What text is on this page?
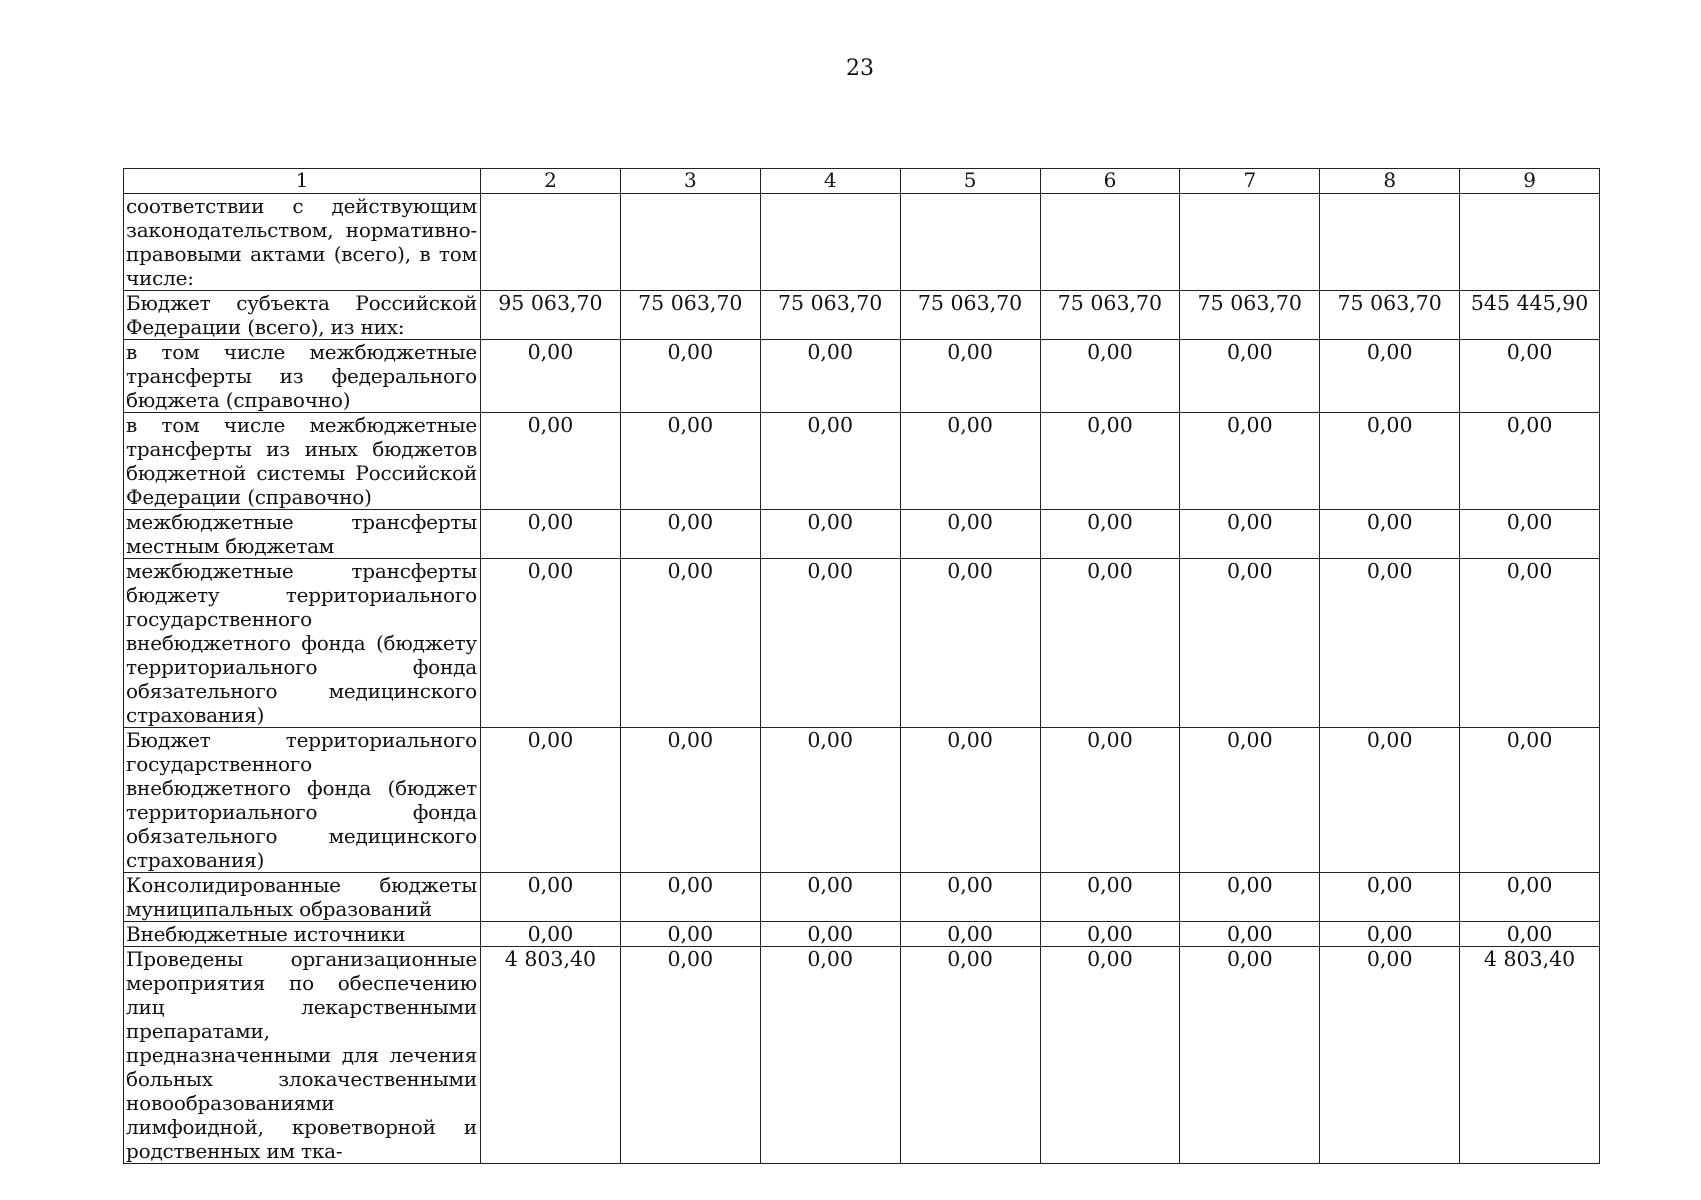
23
1	2	3	4	5	6	7	8	9
соответствии с действующим законодательством, нормативно-правовыми актами (всего), в том числе:								
Бюджет субъекта Российской Федерации (всего), из них:	95 063,70	75 063,70	75 063,70	75 063,70	75 063,70	75 063,70	75 063,70	545 445,90
в том числе межбюджетные трансферты из федерального бюджета (справочно)	0,00	0,00	0,00	0,00	0,00	0,00	0,00	0,00
в том числе межбюджетные трансферты из иных бюджетов бюджетной системы Российской Федерации (справочно)	0,00	0,00	0,00	0,00	0,00	0,00	0,00	0,00
межбюджетные трансферты местным бюджетам	0,00	0,00	0,00	0,00	0,00	0,00	0,00	0,00
межбюджетные трансферты бюджету территориального государственного внебюджетного фонда (бюджету территориального фонда обязательного медицинского страхования)	0,00	0,00	0,00	0,00	0,00	0,00	0,00	0,00
Бюджет территориального государственного внебюджетного фонда (бюджет территориального фонда обязательного медицинского страхования)	0,00	0,00	0,00	0,00	0,00	0,00	0,00	0,00
Консолидированные бюджеты муниципальных образований	0,00	0,00	0,00	0,00	0,00	0,00	0,00	0,00
Внебюджетные источники	0,00	0,00	0,00	0,00	0,00	0,00	0,00	0,00
Проведены организационные мероприятия по обеспечению лиц лекарственными препаратами, предназначенными для лечения больных злокачественными новообразованиями лимфоидной, кроветворной и родственных им тка-	4 803,40	0,00	0,00	0,00	0,00	0,00	0,00	4 803,40
